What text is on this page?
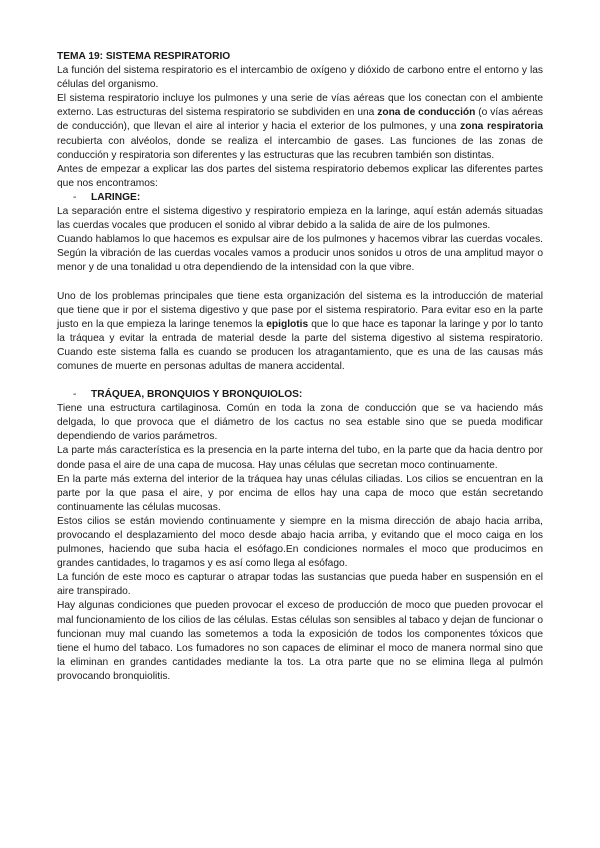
TEMA 19: SISTEMA RESPIRATORIO

La función del sistema respiratorio es el intercambio de oxígeno y dióxido de carbono entre el entorno y las células del organismo.

El sistema respiratorio incluye los pulmones y una serie de vías aéreas que los conectan con el ambiente externo. Las estructuras del sistema respiratorio se subdividen en una zona de conducción (o vías aéreas de conducción), que llevan el aire al interior y hacia el exterior de los pulmones, y una zona respiratoria recubierta con alvéolos, donde se realiza el intercambio de gases. Las funciones de las zonas de conducción y respiratoria son diferentes y las estructuras que las recubren también son distintas.

Antes de empezar a explicar las dos partes del sistema respiratorio debemos explicar las diferentes partes que nos encontramos:

-	LARINGE:

La separación entre el sistema digestivo y respiratorio empieza en la laringe, aquí están además situadas las cuerdas vocales que producen el sonido al vibrar debido a la salida de aire de los pulmones.

Cuando hablamos lo que hacemos es expulsar aire de los pulmones y hacemos vibrar las cuerdas vocales. Según la vibración de las cuerdas vocales vamos a producir unos sonidos u otros de una amplitud mayor o menor y de una tonalidad u otra dependiendo de la intensidad con la que vibre.

Uno de los problemas principales que tiene esta organización del sistema es la introducción de material que tiene que ir por el sistema digestivo y que pase por el sistema respiratorio. Para evitar eso en la parte justo en la que empieza la laringe tenemos la epiglotis que lo que hace es taponar la laringe y por lo tanto la tráquea y evitar la entrada de material desde la parte del sistema digestivo al sistema respiratorio. Cuando este sistema falla es cuando se producen los atragantamiento, que es una de las causas más comunes de muerte en personas adultas de manera accidental.

-	TRÁQUEA, BRONQUIOS Y BRONQUIOLOS:

Tiene una estructura cartilaginosa. Común en toda la zona de conducción que se va haciendo más delgada, lo que provoca que el diámetro de los cactus no sea estable sino que se pueda modificar dependiendo de varios parámetros.

La parte más característica es la presencia en la parte interna del tubo, en la parte que da hacia dentro por donde pasa el aire de una capa de mucosa. Hay unas células que secretan moco continuamente.

En la parte más externa del interior de la tráquea hay unas células ciliadas. Los cilios se encuentran en la parte por la que pasa el aire, y por encima de ellos hay una capa de moco que están secretando continuamente las células mucosas.

Estos cilios se están moviendo continuamente y siempre en la misma dirección de abajo hacia arriba, provocando el desplazamiento del moco desde abajo hacia arriba, y evitando que el moco caiga en los pulmones, haciendo que suba hacia el esófago.En condiciones normales el moco que producimos en grandes cantidades, lo tragamos y es así como llega al esófago.

La función de este moco es capturar o atrapar todas las sustancias que pueda haber en suspensión en el aire transpirado.

Hay algunas condiciones que pueden provocar el exceso de producción de moco que pueden provocar el mal funcionamiento de los cilios de las células. Estas células son sensibles al tabaco y dejan de funcionar o funcionan muy mal cuando las sometemos a toda la exposición de todos los componentes tóxicos que tiene el humo del tabaco. Los fumadores no son capaces de eliminar el moco de manera normal sino que la eliminan en grandes cantidades mediante la tos. La otra parte que no se elimina llega al pulmón provocando bronquiolitis.
